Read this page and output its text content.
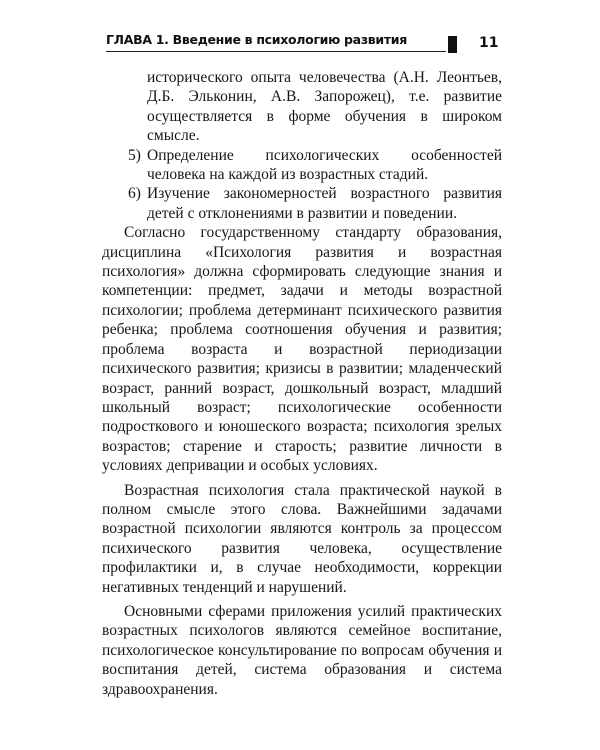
ГЛАВА 1. Введение в психологию развития	11

исторического опыта человечества (А.Н. Леонтьев, Д.Б. Эльконин, А.В. Запорожец), т.е. развитие осуществляется в форме обучения в широком смысле.

5) Определение психологических особенностей человека на каждой из возрастных стадий.

6) Изучение закономерностей возрастного развития детей с отклонениями в развитии и поведении.

Согласно государственному стандарту образования, дисциплина «Психология развития и возрастная психология» должна сформировать следующие знания и компетенции: предмет, задачи и методы возрастной психологии; проблема детерминант психического развития ребенка; проблема соотношения обучения и развития; проблема возраста и возрастной периодизации психического развития; кризисы в развитии; младенческий возраст, ранний возраст, дошкольный возраст, младший школьный возраст; психологические особенности подросткового и юношеского возраста; психология зрелых возрастов; старение и старость; развитие личности в условиях депривации и особых условиях.

Возрастная психология стала практической наукой в полном смысле этого слова. Важнейшими задачами возрастной психологии являются контроль за процессом психического развития человека, осуществление профилактики и, в случае необходимости, коррекции негативных тенденций и нарушений.

Основными сферами приложения усилий практических возрастных психологов являются семейное воспитание, психологическое консультирование по вопросам обучения и воспитания детей, система образования и система здравоохранения.
